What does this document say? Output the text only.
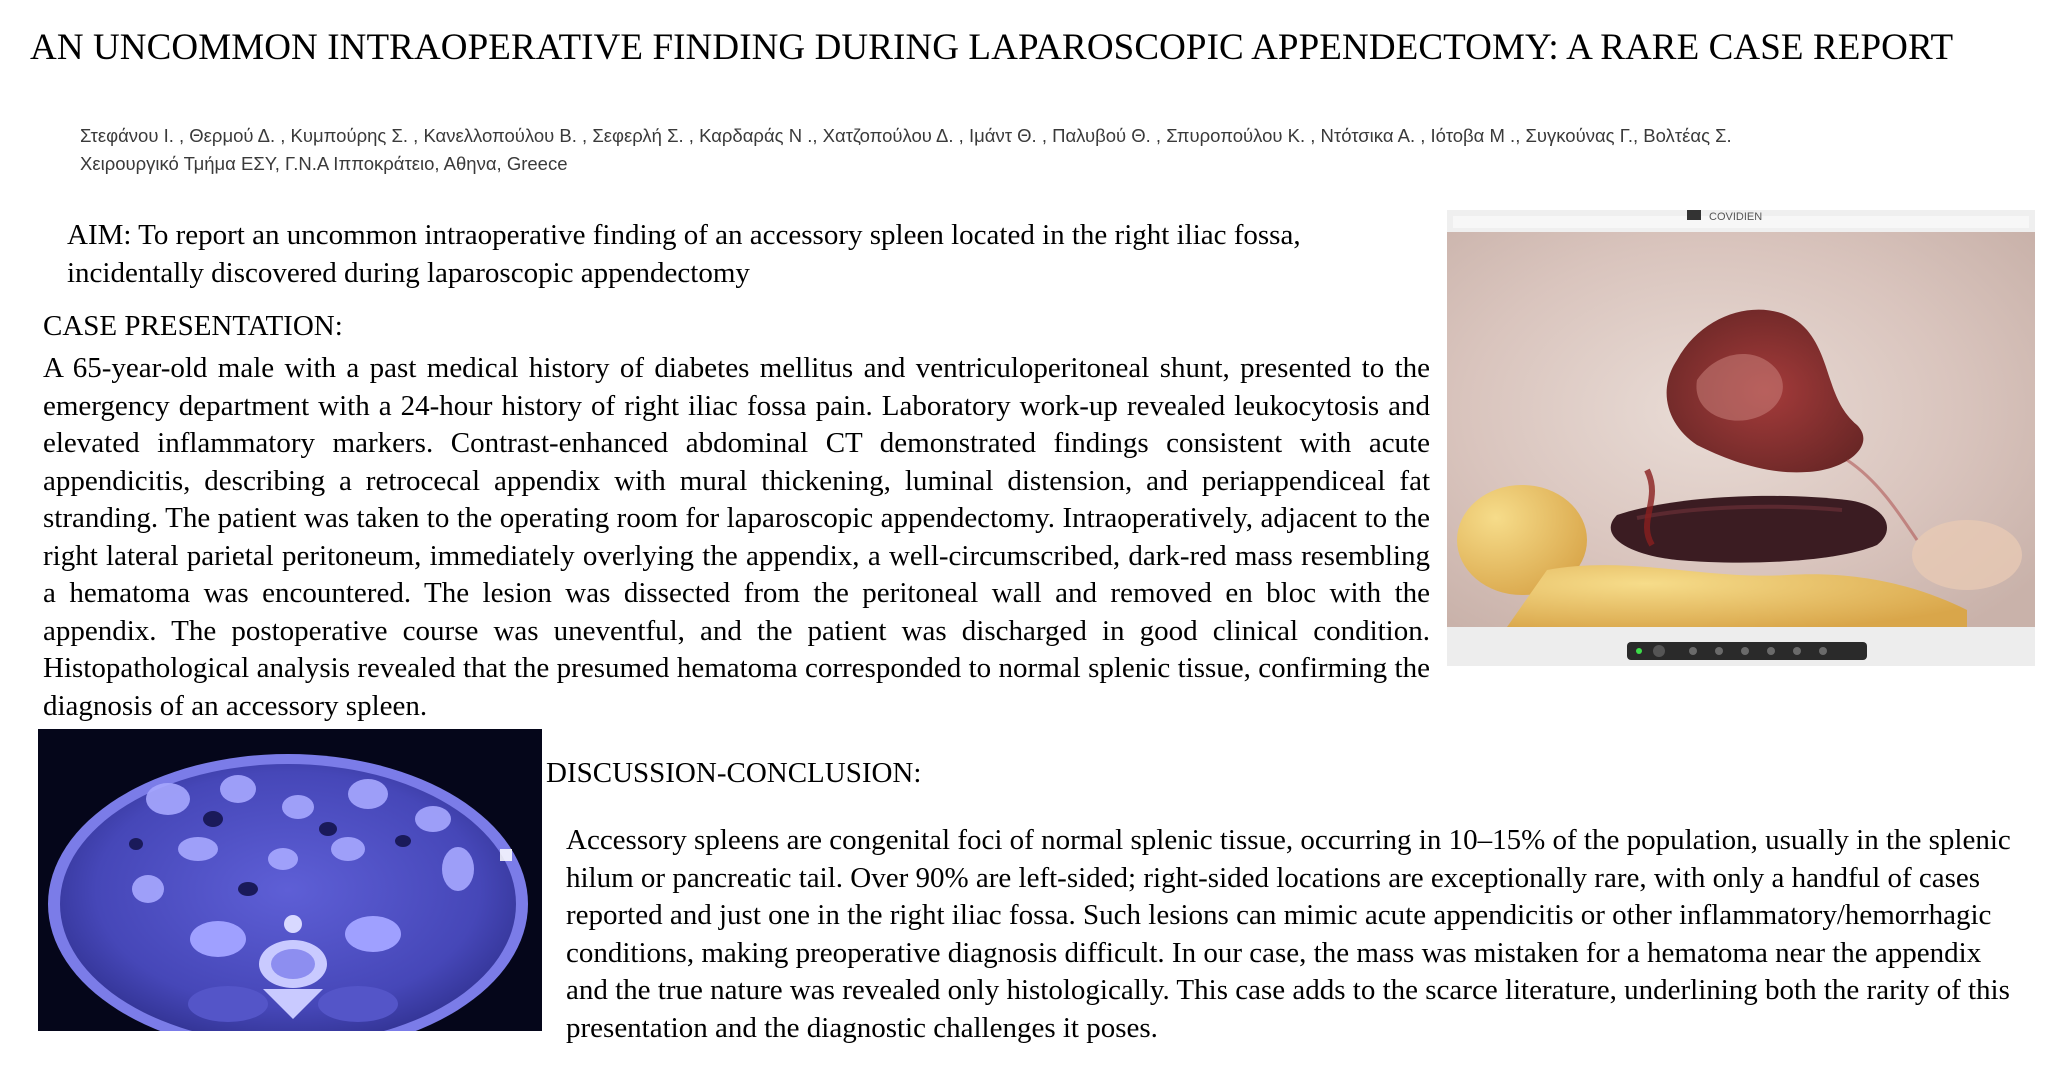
AN UNCOMMON INTRAOPERATIVE FINDING DURING LAPAROSCOPIC APPENDECTOMY: A RARE CASE REPORT
Στεφάνου Ι. , Θερμού Δ. , Κυμπούρης Σ. , Κανελλοπούλου Β. , Σεφερλή Σ. , Καρδαράς Ν ., Χατζοπούλου Δ. , Ιμάντ Θ. , Παλυβού Θ. , Σπυροπούλου Κ. , Ντότσικα Α. , Ιότοβα Μ ., Συγκούνας Γ., Βολτέας Σ.
Χειρουργικό Τμήμα ΕΣΥ, Γ.Ν.Α Ιπποκράτειο, Αθηνα, Greece
AIM: To report an uncommon intraoperative finding of an accessory spleen located in the right iliac fossa, incidentally discovered during laparoscopic appendectomy
CASE PRESENTATION:
A 65-year-old male with a past medical history of diabetes mellitus and ventriculoperitoneal shunt, presented to the emergency department with a 24-hour history of right iliac fossa pain. Laboratory work-up revealed leukocytosis and elevated inflammatory markers. Contrast-enhanced abdominal CT demonstrated findings consistent with acute appendicitis, describing a retrocecal appendix with mural thickening, luminal distension, and periappendiceal fat stranding. The patient was taken to the operating room for laparoscopic appendectomy. Intraoperatively, adjacent to the right lateral parietal peritoneum, immediately overlying the appendix, a well-circumscribed, dark-red mass resembling a hematoma was encountered. The lesion was dissected from the peritoneal wall and removed en bloc with the appendix. The postoperative course was uneventful, and the patient was discharged in good clinical condition. Histopathological analysis revealed that the presumed hematoma corresponded to normal splenic tissue, confirming the diagnosis of an accessory spleen.
COVIDIEN
DISCUSSION-CONCLUSION:
Accessory spleens are congenital foci of normal splenic tissue, occurring in 10–15% of the population, usually in the splenic hilum or pancreatic tail. Over 90% are left-sided; right-sided locations are exceptionally rare, with only a handful of cases reported and just one in the right iliac fossa. Such lesions can mimic acute appendicitis or other inflammatory/hemorrhagic conditions, making preoperative diagnosis difficult. In our case, the mass was mistaken for a hematoma near the appendix and the true nature was revealed only histologically. This case adds to the scarce literature, underlining both the rarity of this presentation and the diagnostic challenges it poses.
